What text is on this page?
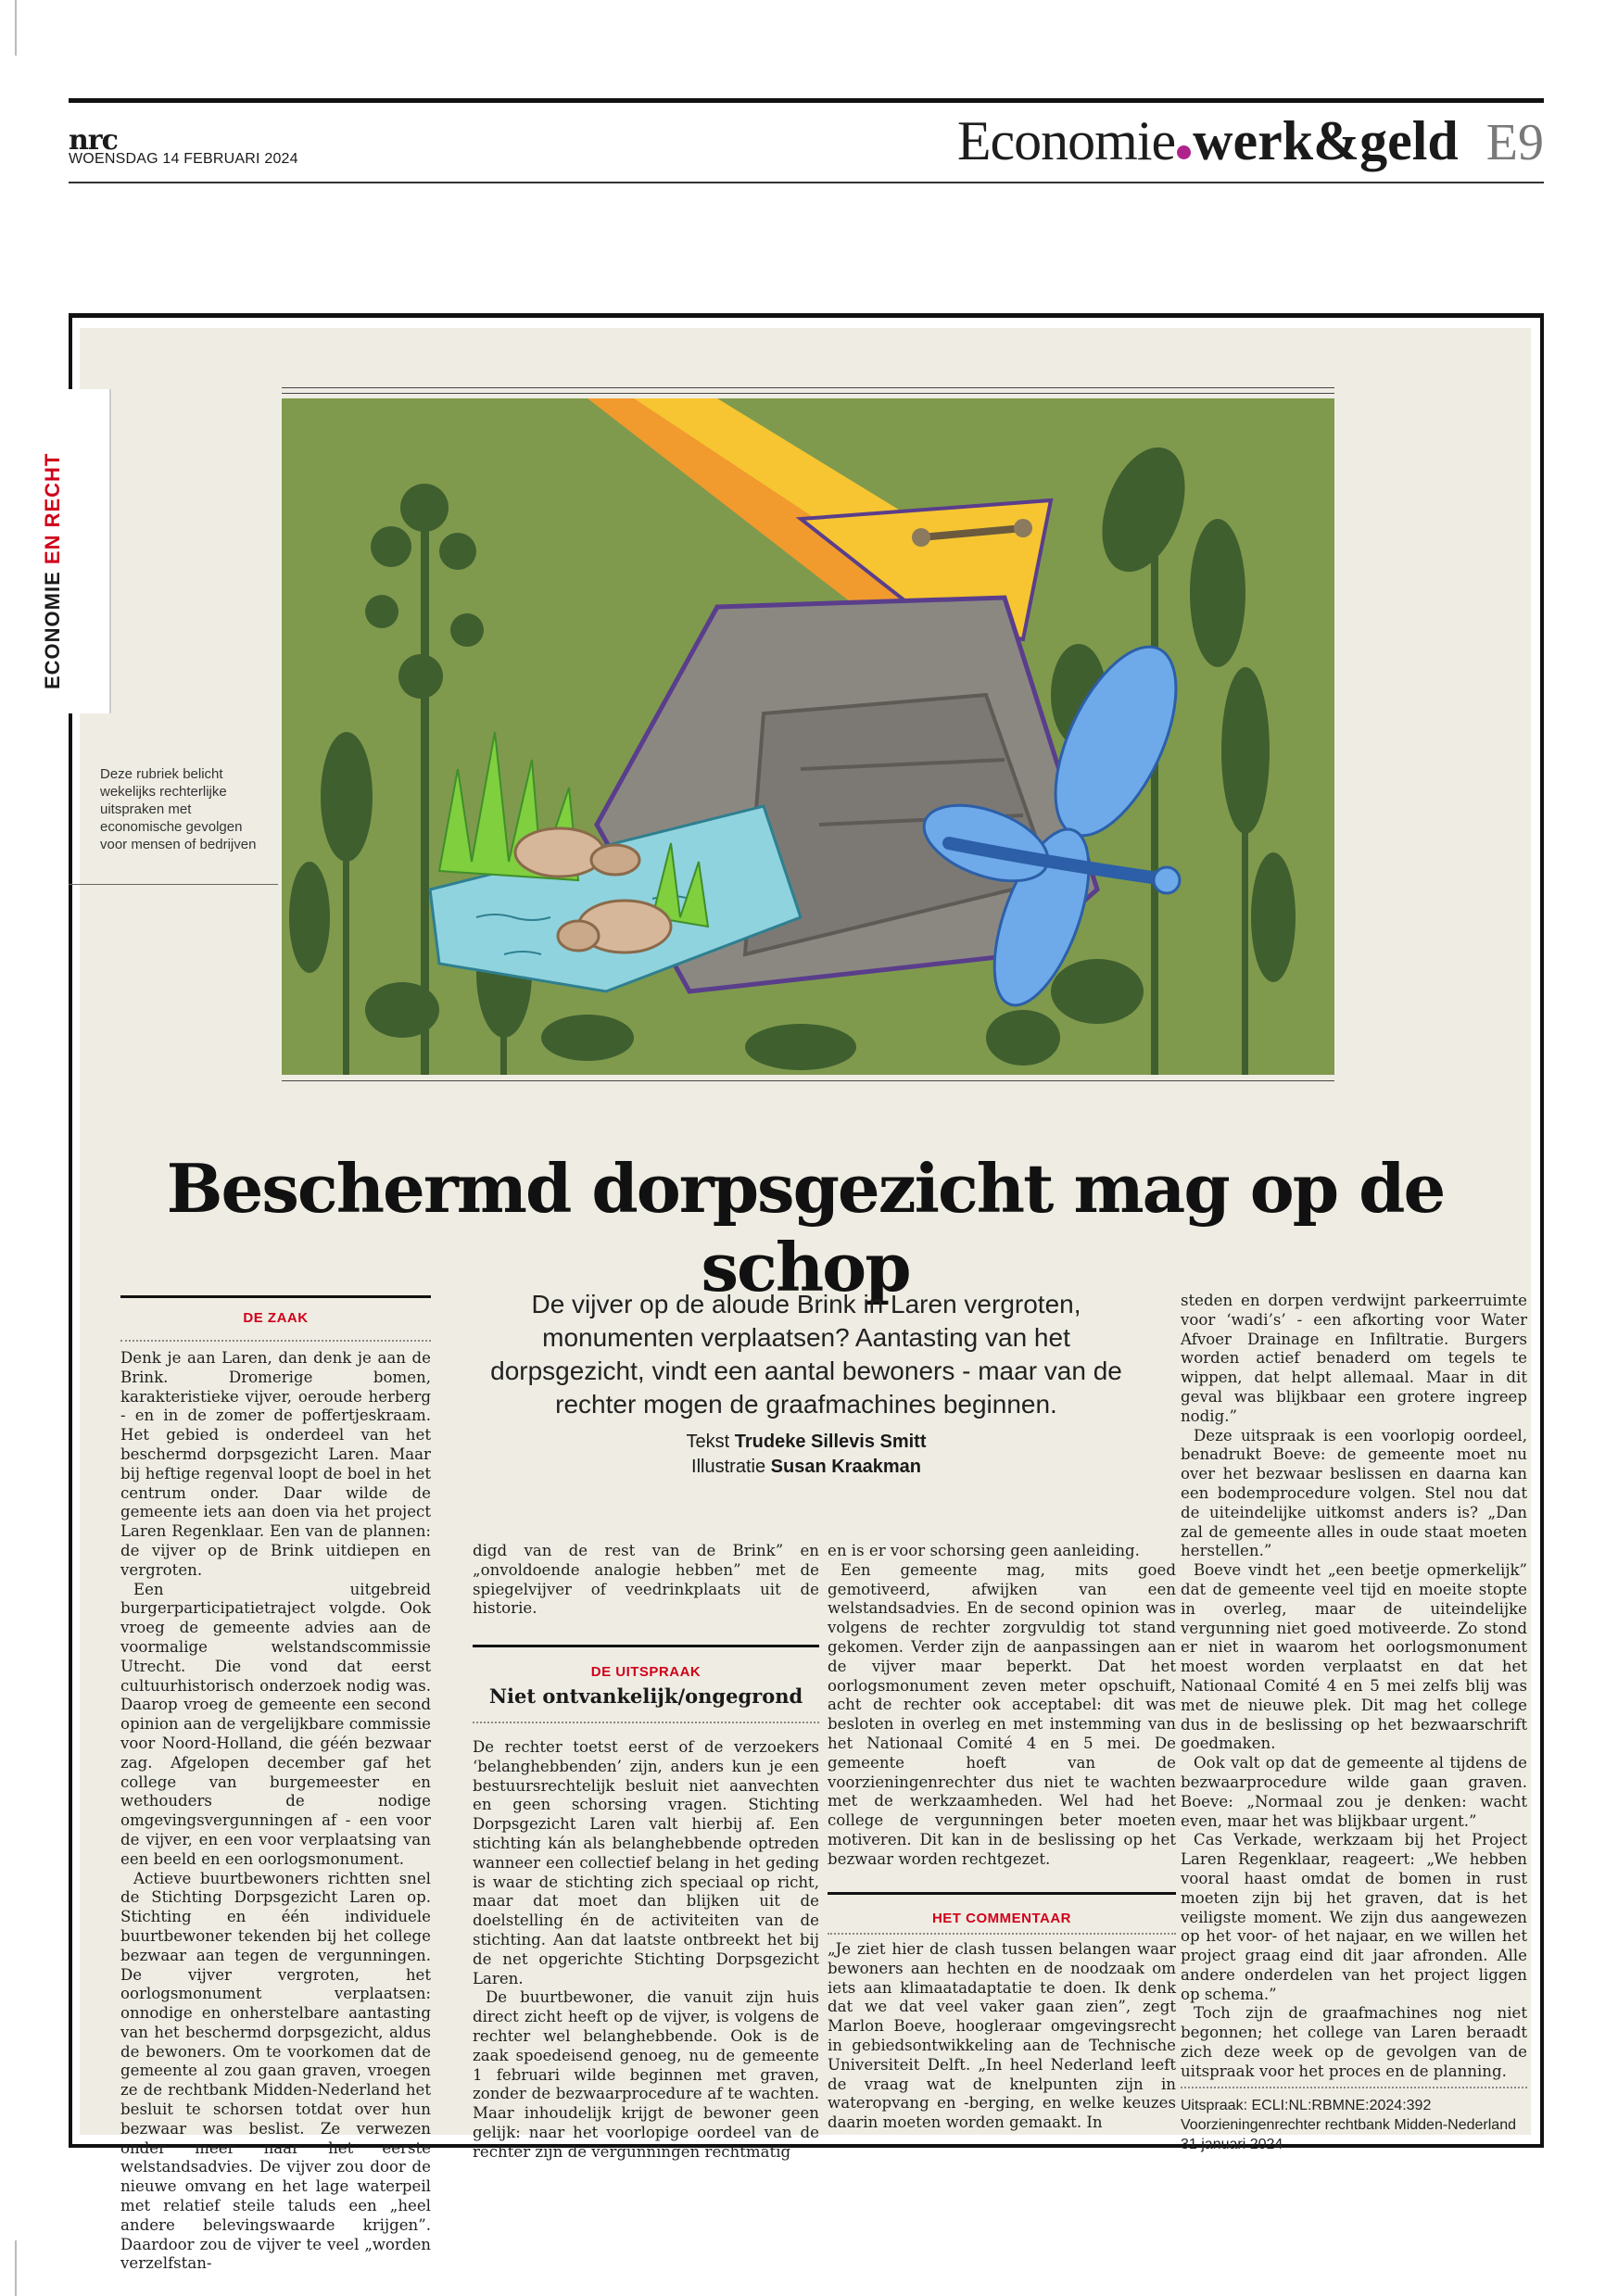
nrc
WOENSDAG 14 FEBRUARI 2024	Economie werk&geld E9
ECONOMIE EN RECHT
Deze rubriek belicht wekelijks rechterlijke uitspraken met economische gevolgen voor mensen of bedrijven
Beschermd dorpsgezicht mag op de schop
De vijver op de aloude Brink in Laren vergroten, monumenten verplaatsen? Aantasting van het dorpsgezicht, vindt een aantal bewoners - maar van de rechter mogen de graafmachines beginnen.
Tekst Trudeke Sillevis Smitt
Illustratie Susan Kraakman
DE ZAAK

Denk je aan Laren, dan denk je aan de Brink. Dromerige bomen, karakteristieke vijver, oeroude herberg - en in de zomer de poffertjeskraam. Het gebied is onderdeel van het beschermd dorpsgezicht Laren. Maar bij heftige regenval loopt de boel in het centrum onder. Daar wilde de gemeente iets aan doen via het project Laren Regenklaar. Een van de plannen: de vijver op de Brink uitdiepen en vergroten.

Een uitgebreid burgerparticipatietraject volgde. Ook vroeg de gemeente advies aan de voormalige welstandscommissie Utrecht. Die vond dat eerst cultuurhistorisch onderzoek nodig was. Daarop vroeg de gemeente een second opinion aan de vergelijkbare commissie voor Noord-Holland, die géén bezwaar zag. Afgelopen december gaf het college van burgemeester en wethouders de nodige omgevingsvergunningen af - een voor de vijver, en een voor verplaatsing van een beeld en een oorlogsmonument.

Actieve buurtbewoners richtten snel de Stichting Dorpsgezicht Laren op. Stichting en één individuele buurtbewoner tekenden bij het college bezwaar aan tegen de vergunningen. De vijver vergroten, het oorlogsmonument verplaatsen: onnodige en onherstelbare aantasting van het beschermd dorpsgezicht, aldus de bewoners. Om te voorkomen dat de gemeente al zou gaan graven, vroegen ze de rechtbank Midden-Nederland het besluit te schorsen totdat over hun bezwaar was beslist. Ze verwezen onder meer naar het eerste welstandsadvies. De vijver zou door de nieuwe omvang en het lage waterpeil met relatief steile taluds een „heel andere belevingswaarde krijgen”. Daardoor zou de vijver te veel „worden verzelfstan-

digd van de rest van de Brink” en „onvoldoende analogie hebben” met de spiegelvijver of veedrinkplaats uit de historie.

DE UITSPRAAK
Niet ontvankelijk/ongegrond

De rechter toetst eerst of de verzoekers ‘belanghebbenden’ zijn, anders kun je een bestuursrechtelijk besluit niet aanvechten en geen schorsing vragen. Stichting Dorpsgezicht Laren valt hierbij af. Een stichting kán als belanghebbende optreden wanneer een collectief belang in het geding is waar de stichting zich speciaal op richt, maar dat moet dan blijken uit de doelstelling én de activiteiten van de stichting. Aan dat laatste ontbreekt het bij de net opgerichte Stichting Dorpsgezicht Laren.

De buurtbewoner, die vanuit zijn huis direct zicht heeft op de vijver, is volgens de rechter wel belanghebbende. Ook is de zaak spoedeisend genoeg, nu de gemeente 1 februari wilde beginnen met graven, zonder de bezwaarprocedure af te wachten. Maar inhoudelijk krijgt de bewoner geen gelijk: naar het voorlopige oordeel van de rechter zijn de vergunningen rechtmatig

en is er voor schorsing geen aanleiding.

Een gemeente mag, mits goed gemotiveerd, afwijken van een welstandsadvies. En de second opinion was volgens de rechter zorgvuldig tot stand gekomen. Verder zijn de aanpassingen aan de vijver maar beperkt. Dat het oorlogsmonument zeven meter opschuift, acht de rechter ook acceptabel: dit was besloten in overleg en met instemming van het Nationaal Comité 4 en 5 mei. De gemeente hoeft van de voorzieningenrechter dus niet te wachten met de werkzaamheden. Wel had het college de vergunningen beter moeten motiveren. Dit kan in de beslissing op het bezwaar worden rechtgezet.

HET COMMENTAAR

„Je ziet hier de clash tussen belangen waar bewoners aan hechten en de noodzaak om iets aan klimaatadaptatie te doen. Ik denk dat we dat veel vaker gaan zien”, zegt Marlon Boeve, hoogleraar omgevingsrecht in gebiedsontwikkeling aan de Technische Universiteit Delft. „In heel Nederland leeft de vraag wat de knelpunten zijn in wateropvang en -berging, en welke keuzes daarin moeten worden gemaakt. In

steden en dorpen verdwijnt parkeerruimte voor ‘wadi’s’ - een afkorting voor Water Afvoer Drainage en Infiltratie. Burgers worden actief benaderd om tegels te wippen, dat helpt allemaal. Maar in dit geval was blijkbaar een grotere ingreep nodig.”

Deze uitspraak is een voorlopig oordeel, benadrukt Boeve: de gemeente moet nu over het bezwaar beslissen en daarna kan een bodemprocedure volgen. Stel nou dat de uiteindelijke uitkomst anders is? „Dan zal de gemeente alles in oude staat moeten herstellen.”

Boeve vindt het „een beetje opmerkelijk” dat de gemeente veel tijd en moeite stopte in overleg, maar de uiteindelijke vergunning niet goed motiveerde. Zo stond er niet in waarom het oorlogsmonument moest worden verplaatst en dat het Nationaal Comité 4 en 5 mei zelfs blij was met de nieuwe plek. Dit mag het college dus in de beslissing op het bezwaarschrift goedmaken.

Ook valt op dat de gemeente al tijdens de bezwaarprocedure wilde gaan graven. Boeve: „Normaal zou je denken: wacht even, maar het was blijkbaar urgent.”

Cas Verkade, werkzaam bij het Project Laren Regenklaar, reageert: „We hebben vooral haast omdat de bomen in rust moeten zijn bij het graven, dat is het veiligste moment. We zijn dus aangewezen op het voor- of het najaar, en we willen het project graag eind dit jaar afronden. Alle andere onderdelen van het project liggen op schema.”

Toch zijn de graafmachines nog niet begonnen; het college van Laren beraadt zich deze week op de gevolgen van de uitspraak voor het proces en de planning.

Uitspraak: ECLI:NL:RBMNE:2024:392 Voorzieningenrechter rechtbank Midden-Nederland 31 januari 2024
